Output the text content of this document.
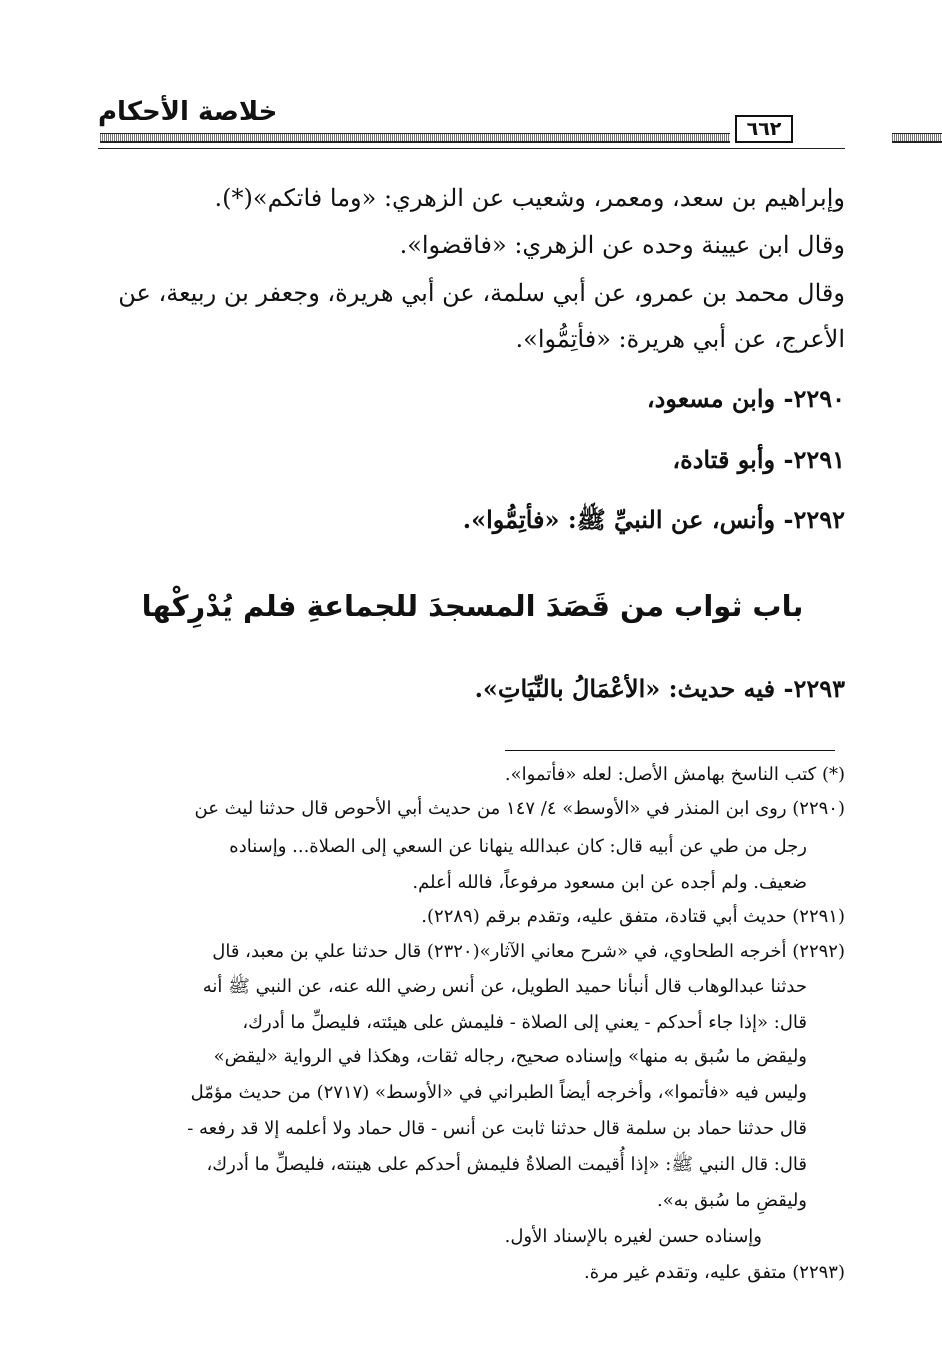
خلاصة الأحكام
٦٦٢
وإبراهيم بن سعد، ومعمر، وشعيب عن الزهري: «وما فاتكم»(*).
وقال ابن عيينة وحده عن الزهري: «فاقضوا».
وقال محمد بن عمرو، عن أبي سلمة، عن أبي هريرة، وجعفر بن ربيعة، عن
الأعرج، عن أبي هريرة: «فأتِمُّوا».
٢٢٩٠- وابن مسعود،
٢٢٩١- وأبو قتادة،
٢٢٩٢- وأنس، عن النبيِّ ﷺ: «فأتِمُّوا».
باب ثواب من قَصَدَ المسجدَ للجماعةِ فلم يُدْرِكْها
٢٢٩٣- فيه حديث: «الأعْمَالُ بالنِّيَاتِ».
(*) كتب الناسخ بهامش الأصل: لعله «فأتموا».
(٢٢٩٠) روى ابن المنذر في «الأوسط» ٤/ ١٤٧ من حديث أبي الأحوص قال حدثنا ليث عن
رجل من طي عن أبيه قال: كان عبدالله ينهانا عن السعي إلى الصلاة... وإسناده
ضعيف. ولم أجده عن ابن مسعود مرفوعاً، فالله أعلم.
(٢٢٩١) حديث أبي قتادة، متفق عليه، وتقدم برقم (٢٢٨٩).
(٢٢٩٢) أخرجه الطحاوي، في «شرح معاني الآثار»(٢٣٢٠) قال حدثنا علي بن معبد، قال
حدثنا عبدالوهاب قال أنبأنا حميد الطويل، عن أنس رضي الله عنه، عن النبي ﷺ أنه
قال: «إذا جاء أحدكم - يعني إلى الصلاة - فليمش على هيئته، فليصلِّ ما أدرك،
وليقض ما سُبق به منها» وإسناده صحيح، رجاله ثقات، وهكذا في الرواية «ليقض»
وليس فيه «فأتموا»، وأخرجه أيضاً الطبراني في «الأوسط» (٢٧١٧) من حديث مؤمّل
قال حدثنا حماد بن سلمة قال حدثنا ثابت عن أنس - قال حماد ولا أعلمه إلا قد رفعه -
قال: قال النبي ﷺ: «إذا أُقيمت الصلاةُ فليمش أحدكم على هينته، فليصلِّ ما أدرك،
وليقضِ ما سُبق به».
وإسناده حسن لغيره بالإسناد الأول.
(٢٢٩٣) متفق عليه، وتقدم غير مرة.
